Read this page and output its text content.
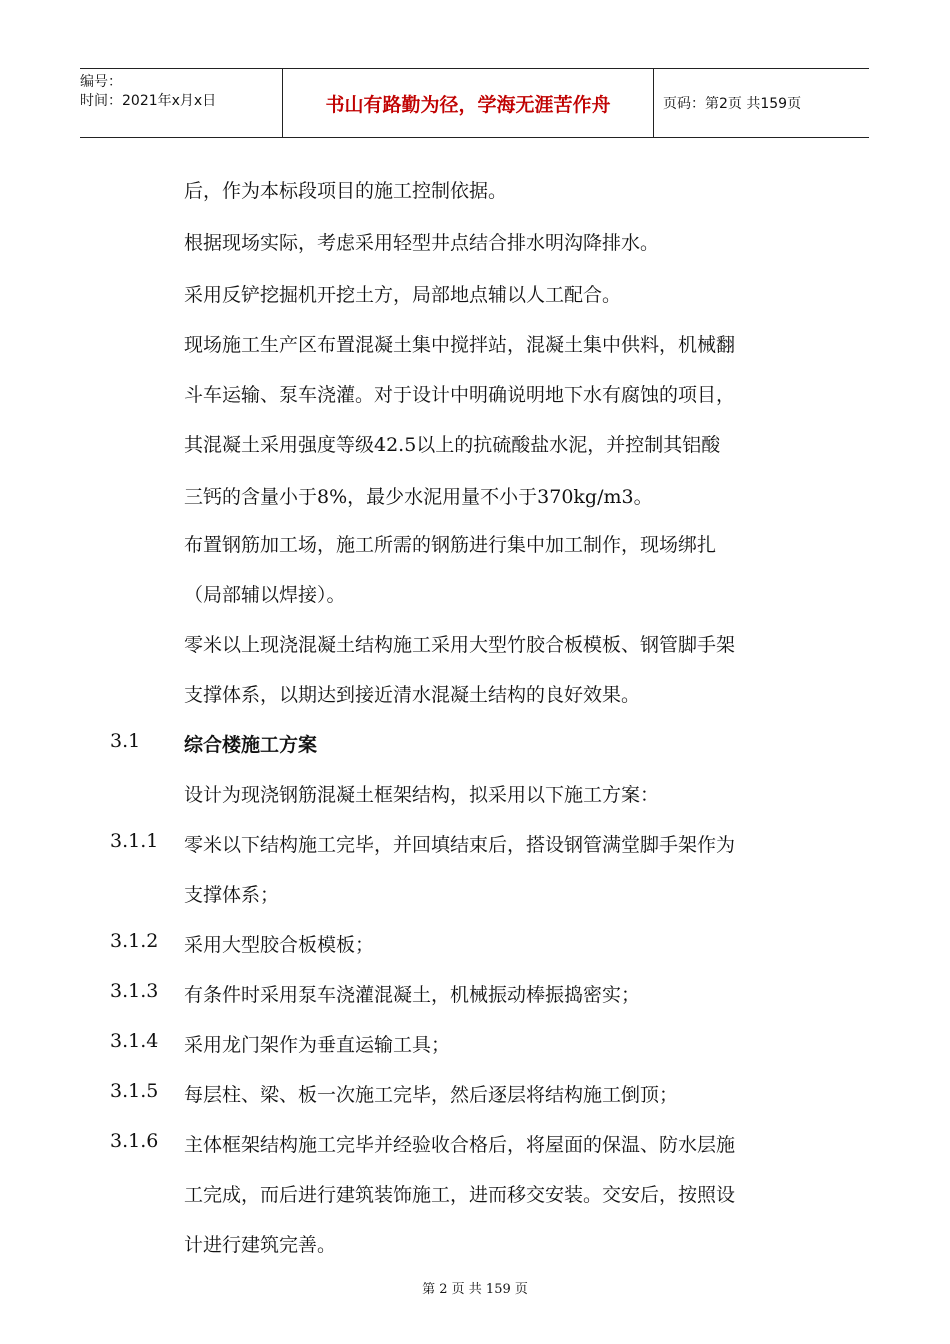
编号：
时间：2021年x月x日	书山有路勤为径，学海无涯苦作舟	页码：第2页 共159页
后，作为本标段项目的施工控制依据。
根据现场实际，考虑采用轻型井点结合排水明沟降排水。
采用反铲挖掘机开挖土方，局部地点辅以人工配合。
现场施工生产区布置混凝土集中搅拌站，混凝土集中供料，机械翻
斗车运输、泵车浇灌。对于设计中明确说明地下水有腐蚀的项目，
其混凝土采用强度等级42.5以上的抗硫酸盐水泥，并控制其铝酸
三钙的含量小于8%，最少水泥用量不小于370kg/m3。
布置钢筋加工场，施工所需的钢筋进行集中加工制作，现场绑扎
（局部辅以焊接）。
零米以上现浇混凝土结构施工采用大型竹胶合板模板、钢管脚手架
支撑体系，以期达到接近清水混凝土结构的良好效果。
3.1 综合楼施工方案
设计为现浇钢筋混凝土框架结构，拟采用以下施工方案：
3.1.1 零米以下结构施工完毕，并回填结束后，搭设钢管满堂脚手架作为
支撑体系；
3.1.2 采用大型胶合板模板；
3.1.3 有条件时采用泵车浇灌混凝土，机械振动棒振捣密实；
3.1.4 采用龙门架作为垂直运输工具；
3.1.5 每层柱、梁、板一次施工完毕，然后逐层将结构施工倒顶；
3.1.6 主体框架结构施工完毕并经验收合格后，将屋面的保温、防水层施
工完成，而后进行建筑装饰施工，进而移交安装。交安后，按照设
计进行建筑完善。
第 2 页 共 159 页
